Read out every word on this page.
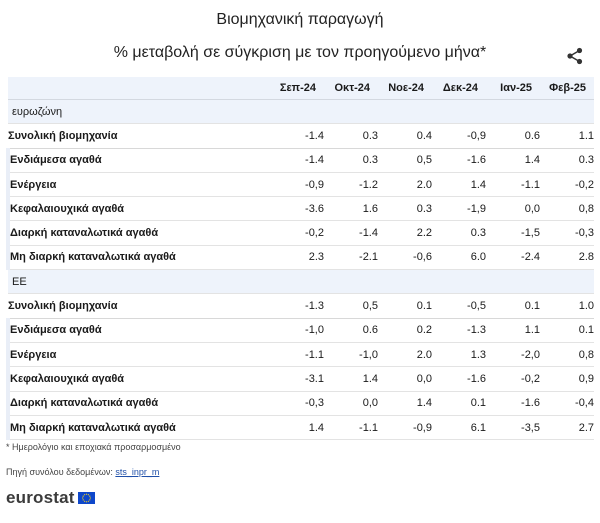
Βιομηχανική παραγωγή
% μεταβολή σε σύγκριση με τον προηγούμενο μήνα*
	Σεπ-24	Οκτ-24	Νοε-24	Δεκ-24	Ιαν-25	Φεβ-25
ευρωζώνη						
Συνολική βιομηχανία	-1.4	0.3	0.4	-0,9	0.6	1.1
Ενδιάμεσα αγαθά	-1.4	0.3	0,5	-1.6	1.4	0.3
Ενέργεια	-0,9	-1.2	2.0	1.4	-1.1	-0,2
Κεφαλαιουχικά αγαθά	-3.6	1.6	0.3	-1,9	0,0	0,8
Διαρκή καταναλωτικά αγαθά	-0,2	-1.4	2.2	0.3	-1,5	-0,3
Μη διαρκή καταναλωτικά αγαθά	2.3	-2.1	-0,6	6.0	-2.4	2.8
ΕΕ						
Συνολική βιομηχανία	-1.3	0,5	0.1	-0,5	0.1	1.0
Ενδιάμεσα αγαθά	-1,0	0.6	0.2	-1.3	1.1	0.1
Ενέργεια	-1.1	-1,0	2.0	1.3	-2,0	0,8
Κεφαλαιουχικά αγαθά	-3.1	1.4	0,0	-1.6	-0,2	0,9
Διαρκή καταναλωτικά αγαθά	-0,3	0,0	1.4	0.1	-1.6	-0,4
Μη διαρκή καταναλωτικά αγαθά	1.4	-1.1	-0,9	6.1	-3,5	2.7
* Ημερολόγιο και εποχιακά προσαρμοσμένο
Πηγή συνόλου δεδομένων: sts_inpr_m
eurostat
